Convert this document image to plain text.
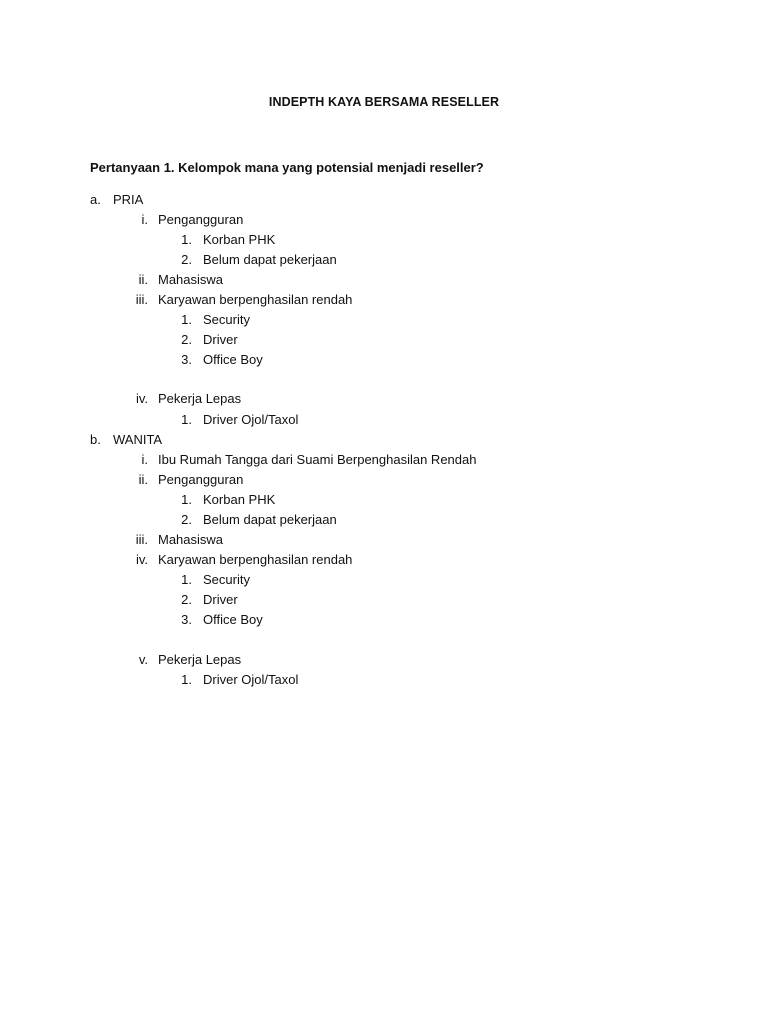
INDEPTH KAYA BERSAMA RESELLER
Pertanyaan 1. Kelompok mana yang potensial menjadi reseller?
a. PRIA
i. Pengangguran
1. Korban PHK
2. Belum dapat pekerjaan
ii. Mahasiswa
iii. Karyawan berpenghasilan rendah
1. Security
2. Driver
3. Office Boy
iv. Pekerja Lepas
1. Driver Ojol/Taxol
b. WANITA
i. Ibu Rumah Tangga dari Suami Berpenghasilan Rendah
ii. Pengangguran
1. Korban PHK
2. Belum dapat pekerjaan
iii. Mahasiswa
iv. Karyawan berpenghasilan rendah
1. Security
2. Driver
3. Office Boy
v. Pekerja Lepas
1. Driver Ojol/Taxol
